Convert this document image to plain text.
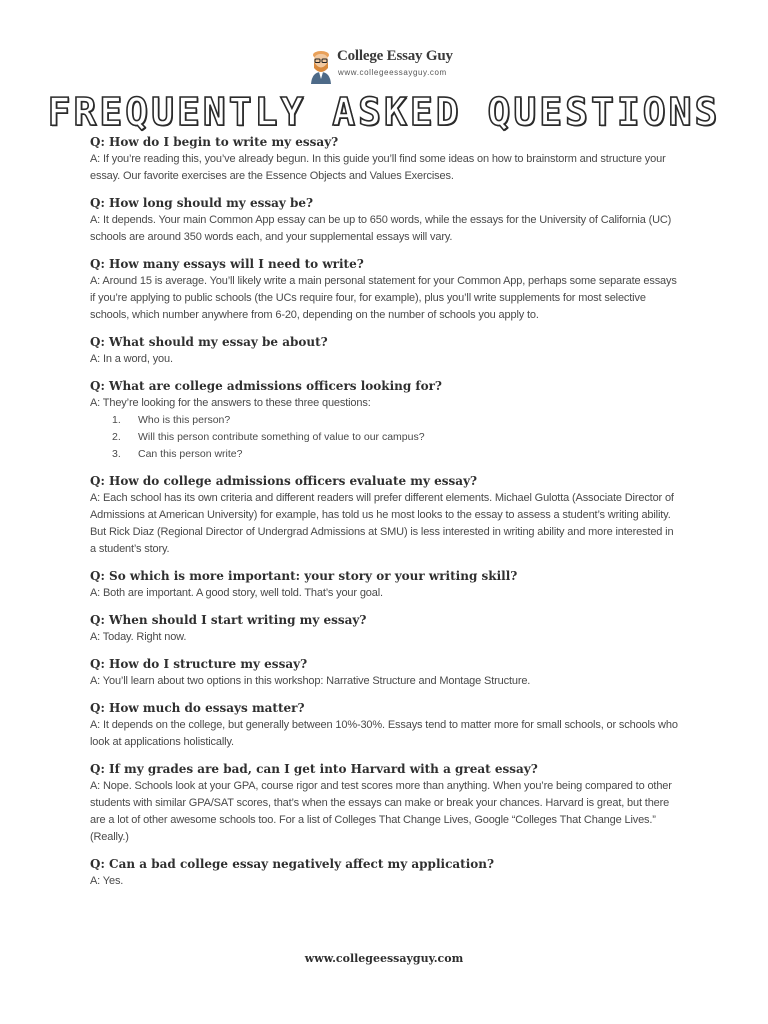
College Essay Guy
www.collegeessayguy.com
FREQUENTLY ASKED QUESTIONS
Q: How do I begin to write my essay?
A: If you’re reading this, you’ve already begun. In this guide you’ll find some ideas on how to brainstorm and structure your essay. Our favorite exercises are the Essence Objects and Values Exercises.
Q: How long should my essay be?
A: It depends. Your main Common App essay can be up to 650 words, while the essays for the University of California (UC) schools are around 350 words each, and your supplemental essays will vary.
Q: How many essays will I need to write?
A: Around 15 is average. You’ll likely write a main personal statement for your Common App, perhaps some separate essays if you’re applying to public schools (the UCs require four, for example), plus you’ll write supplements for most selective schools, which number anywhere from 6-20, depending on the number of schools you apply to.
Q: What should my essay be about?
A: In a word, you.
Q: What are college admissions officers looking for?
A: They’re looking for the answers to these three questions:
1. Who is this person?
2. Will this person contribute something of value to our campus?
3. Can this person write?
Q: How do college admissions officers evaluate my essay?
A: Each school has its own criteria and different readers will prefer different elements. Michael Gulotta (Associate Director of Admissions at American University) for example, has told us he most looks to the essay to assess a student’s writing ability. But Rick Diaz (Regional Director of Undergrad Admissions at SMU) is less interested in writing ability and more interested in a student’s story.
Q: So which is more important: your story or your writing skill?
A: Both are important. A good story, well told. That’s your goal.
Q: When should I start writing my essay?
A: Today. Right now.
Q: How do I structure my essay?
A: You’ll learn about two options in this workshop: Narrative Structure and Montage Structure.
Q: How much do essays matter?
A: It depends on the college, but generally between 10%-30%. Essays tend to matter more for small schools, or schools who look at applications holistically.
Q: If my grades are bad, can I get into Harvard with a great essay?
A: Nope. Schools look at your GPA, course rigor and test scores more than anything. When you’re being compared to other students with similar GPA/SAT scores, that’s when the essays can make or break your chances. Harvard is great, but there are a lot of other awesome schools too. For a list of Colleges That Change Lives, Google “Colleges That Change Lives.” (Really.)
Q: Can a bad college essay negatively affect my application?
A: Yes.
www.collegeessayguy.com
